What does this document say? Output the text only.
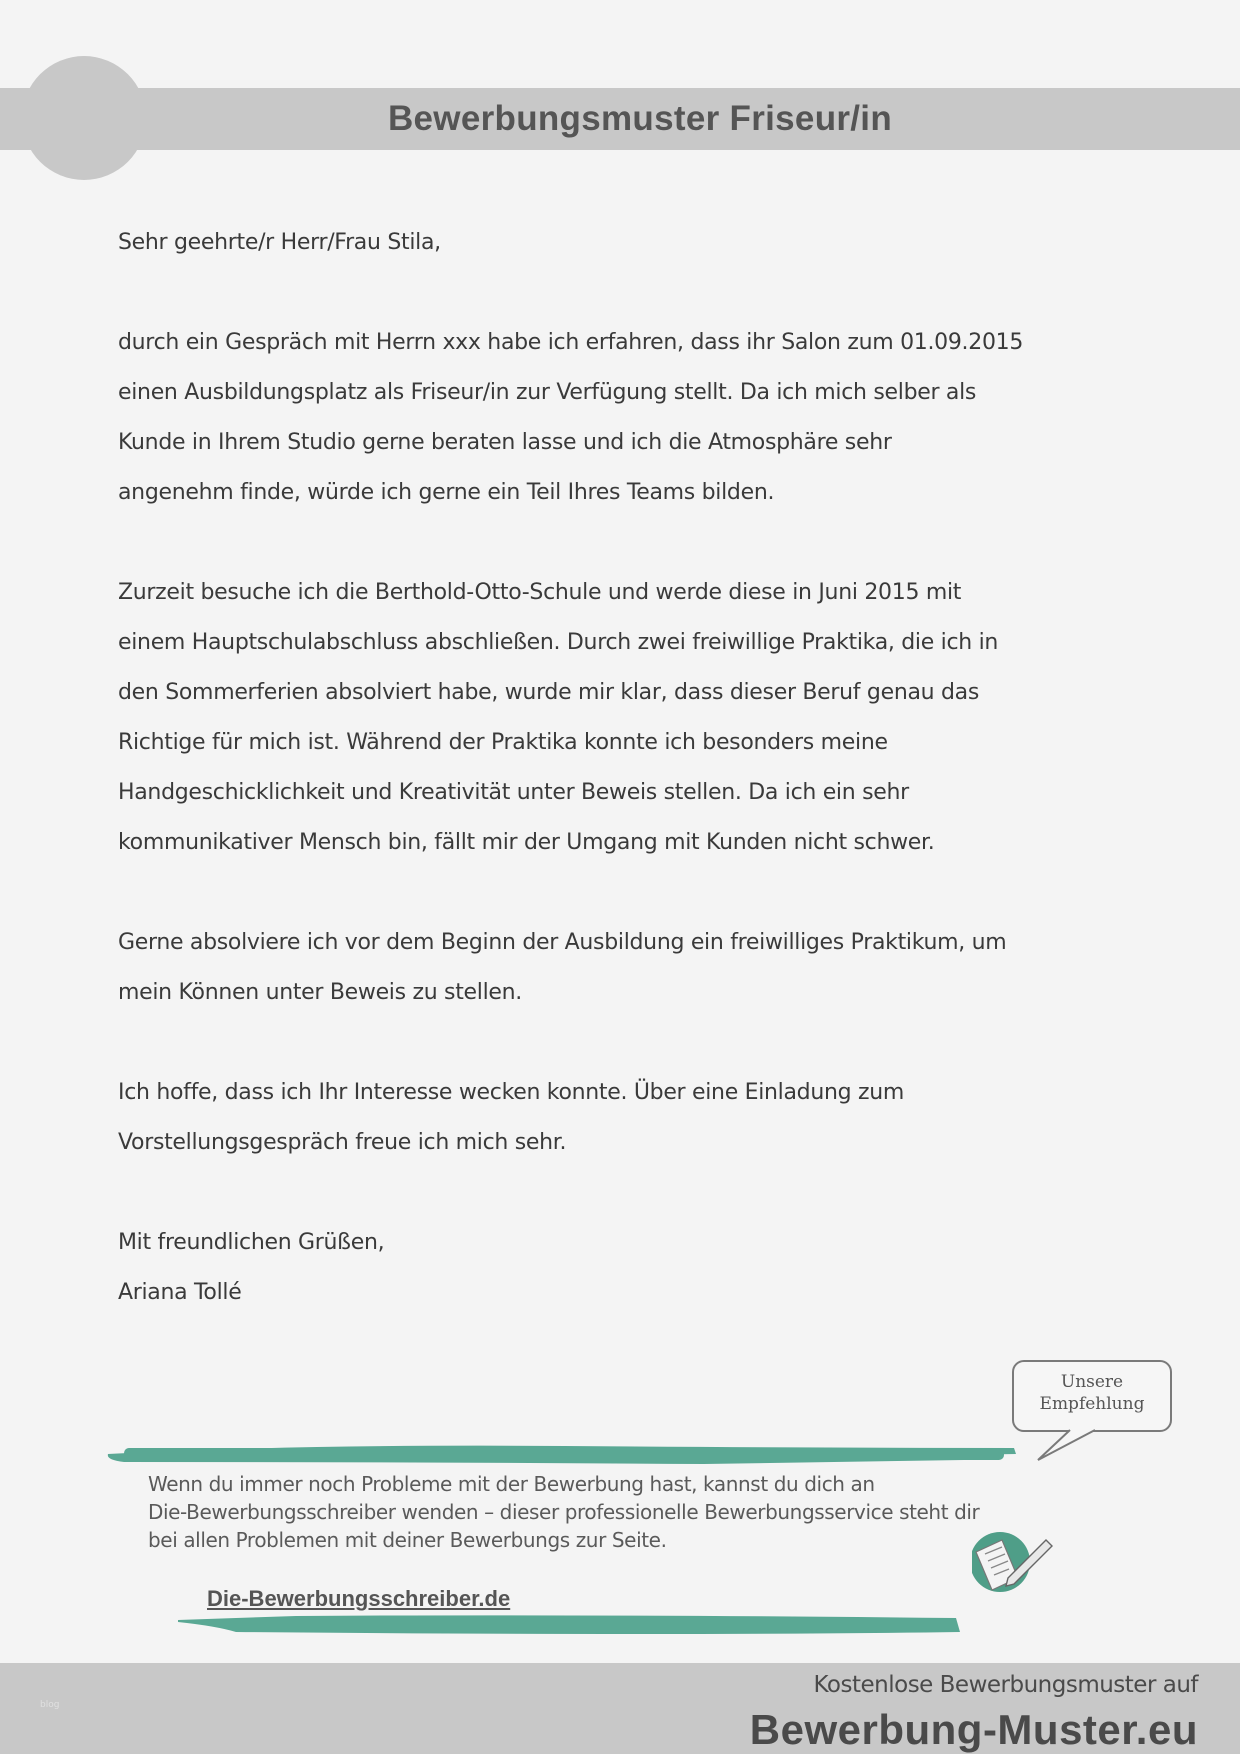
Bewerbungsmuster Friseur/in

Sehr geehrte/r Herr/Frau Stila,

durch ein Gespräch mit Herrn xxx habe ich erfahren, dass ihr Salon zum 01.09.2015

einen Ausbildungsplatz als Friseur/in zur Verfügung stellt. Da ich mich selber als

Kunde in Ihrem Studio gerne beraten lasse und ich die Atmosphäre sehr

angenehm finde, würde ich gerne ein Teil Ihres Teams bilden.

Zurzeit besuche ich die Berthold-Otto-Schule und werde diese in Juni 2015 mit

einem Hauptschulabschluss abschließen. Durch zwei freiwillige Praktika, die ich in

den Sommerferien absolviert habe, wurde mir klar, dass dieser Beruf genau das

Richtige für mich ist. Während der Praktika konnte ich besonders meine

Handgeschicklichkeit und Kreativität unter Beweis stellen. Da ich ein sehr

kommunikativer Mensch bin, fällt mir der Umgang mit Kunden nicht schwer.

Gerne absolviere ich vor dem Beginn der Ausbildung ein freiwilliges Praktikum, um

mein Können unter Beweis zu stellen.

Ich hoffe, dass ich Ihr Interesse wecken konnte. Über eine Einladung zum

Vorstellungsgespräch freue ich mich sehr.

Mit freundlichen Grüßen,

Ariana Tollé

Unsere
Empfehlung
Wenn du immer noch Probleme mit der Bewerbung hast, kannst du dich an
Die-Bewerbungsschreiber wenden – dieser professionelle Bewerbungsservice steht dir
bei allen Problemen mit deiner Bewerbungs zur Seite.
Die-Bewerbungsschreiber.de
blog
Kostenlose Bewerbungsmuster auf
Bewerbung-Muster.eu
